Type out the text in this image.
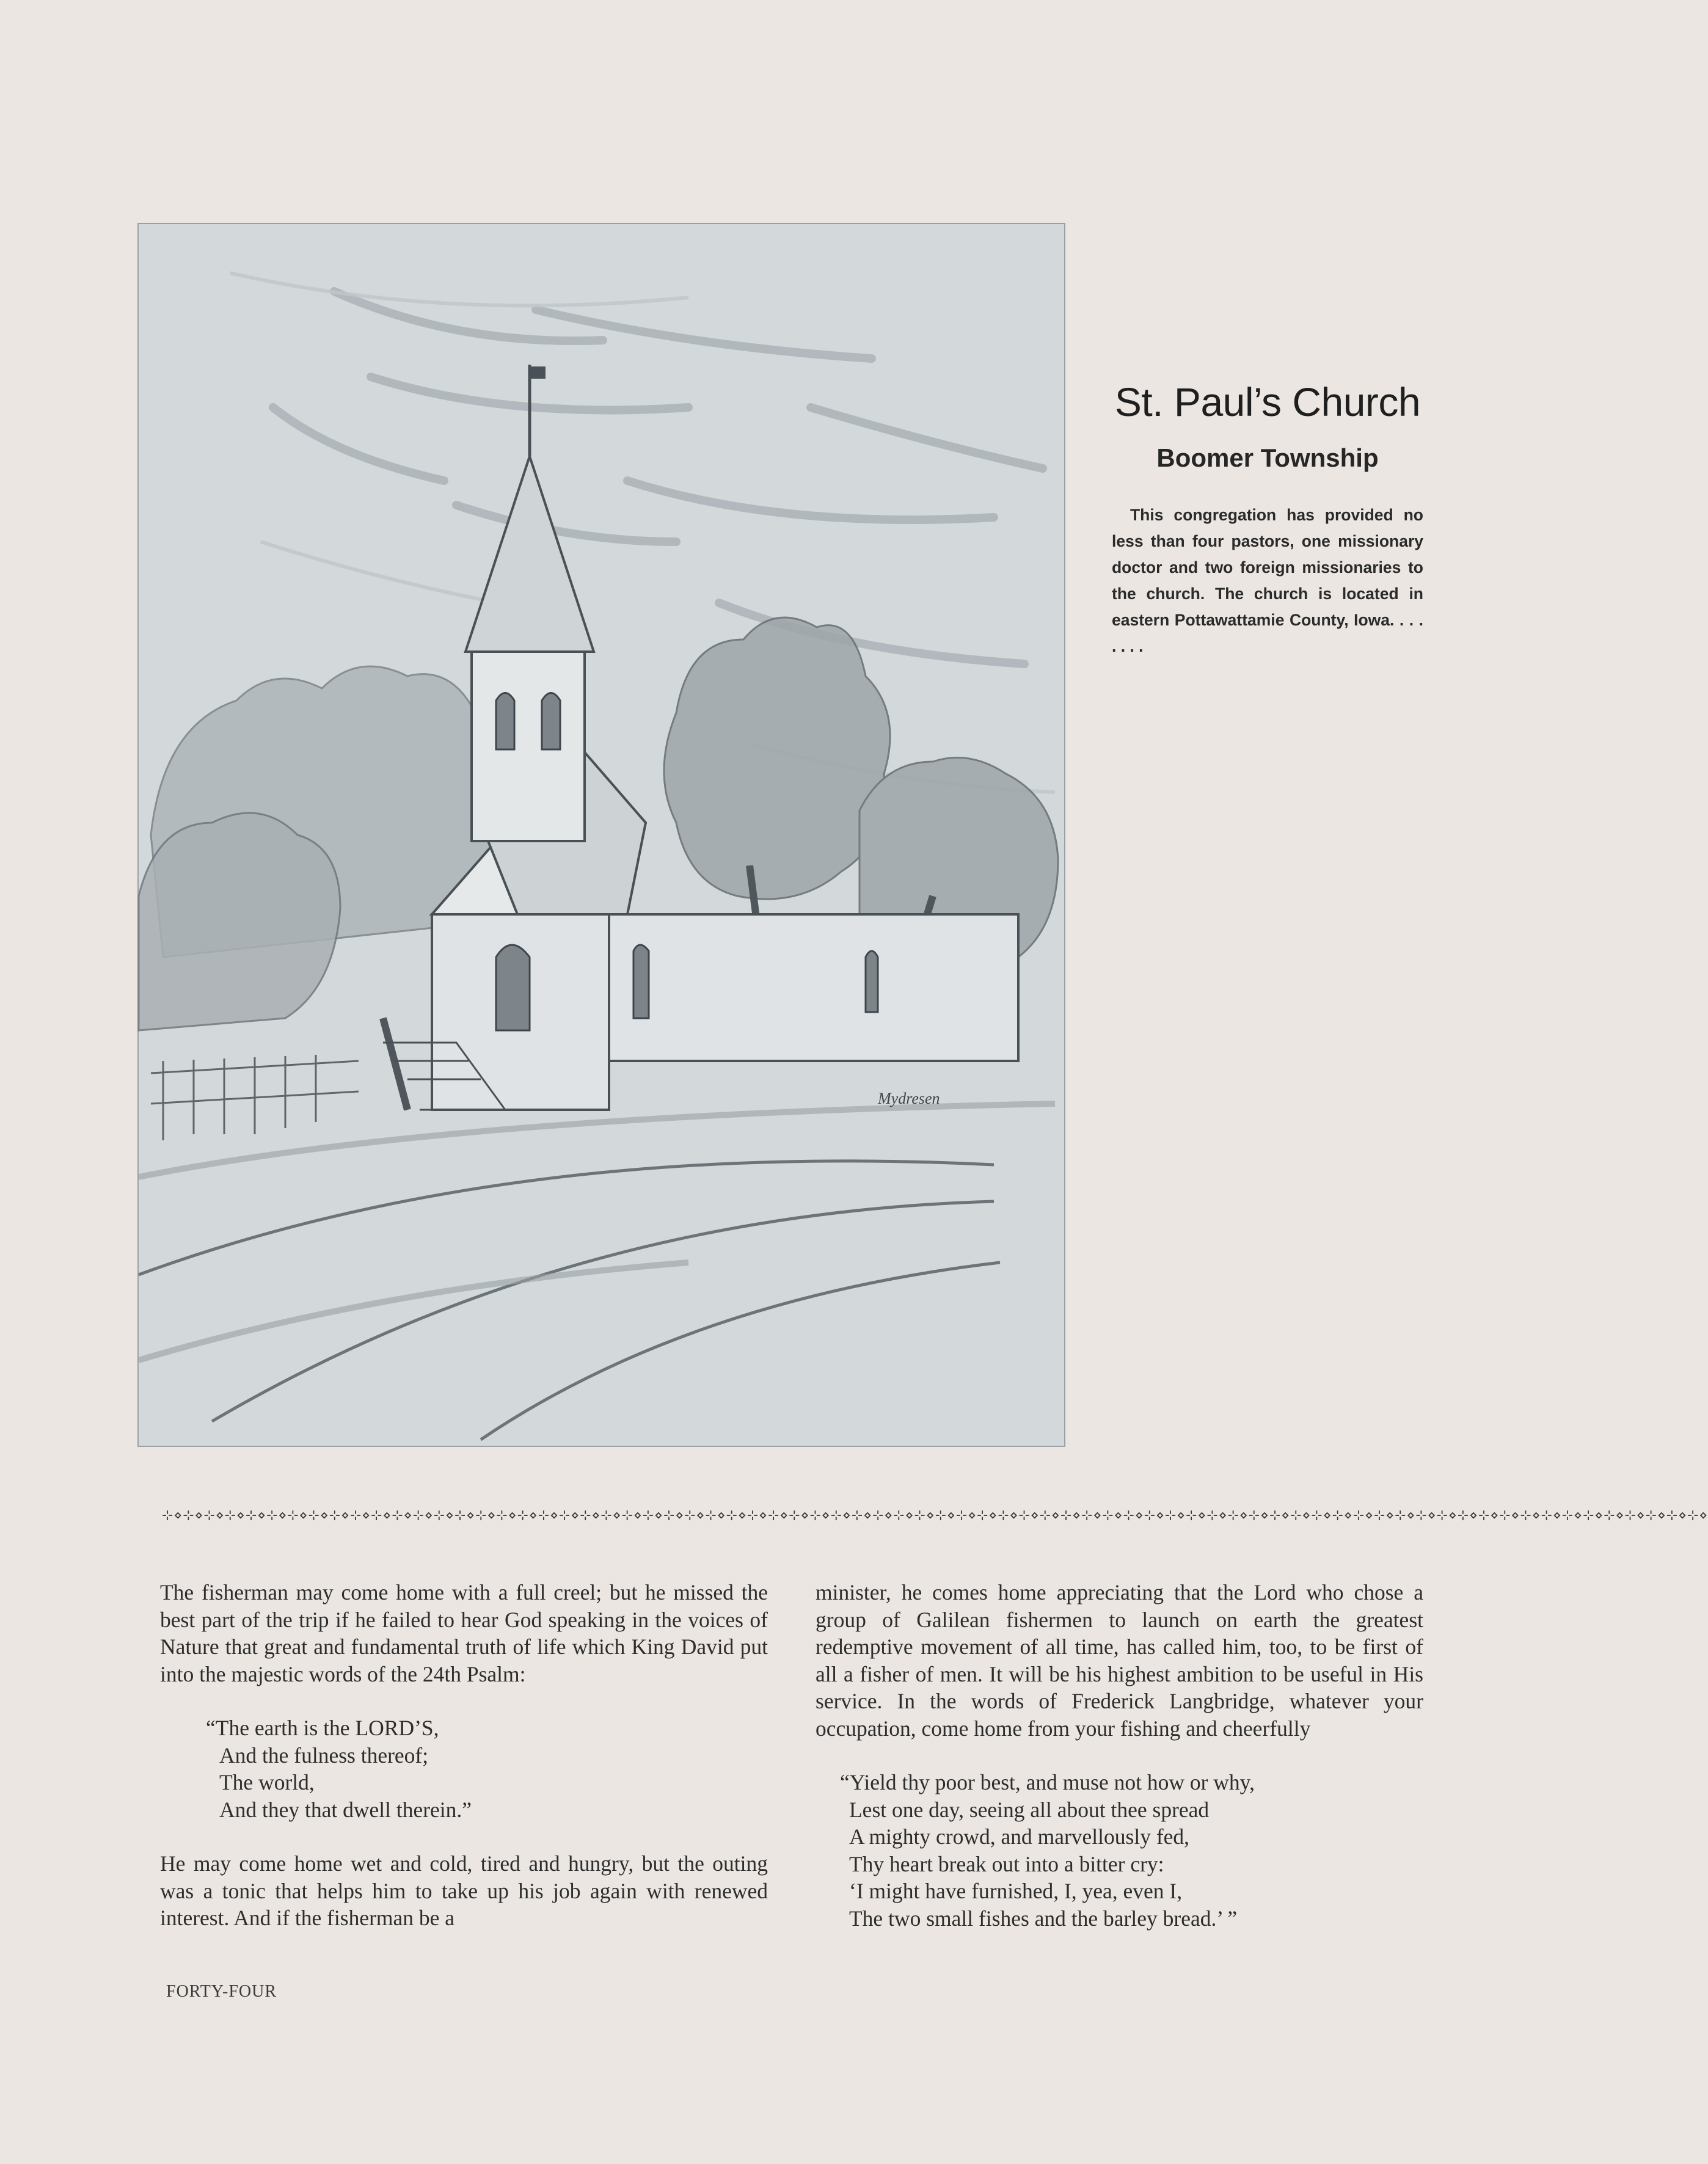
Mydresen
St. Paul’s Church
Boomer Township

This congregation has provided no less than four pastors, one missionary doctor and two foreign missionaries to the church. The church is located in eastern Pottawattamie County, Iowa. . . . . . . .

⊹⋄⊹⋄⊹⋄⊹⋄⊹⋄⊹⋄⊹⋄⊹⋄⊹⋄⊹⋄⊹⋄⊹⋄⊹⋄⊹⋄⊹⋄⊹⋄⊹⋄⊹⋄⊹⋄⊹⋄⊹⋄⊹⋄⊹⋄⊹⋄⊹⋄⊹⋄⊹⋄⊹⋄⊹⋄⊹⋄⊹⋄⊹⋄⊹⋄⊹⋄⊹⋄⊹⋄⊹⋄⊹⋄⊹⋄⊹⋄⊹⋄⊹⋄⊹⋄⊹⋄⊹⋄⊹⋄⊹⋄⊹⋄⊹⋄⊹⋄⊹⋄⊹⋄⊹⋄⊹⋄⊹⋄⊹⋄⊹⋄⊹⋄⊹⋄⊹⋄⊹⋄⊹⋄⊹⋄⊹⋄⊹⋄⊹⋄⊹⋄⊹⋄⊹⋄⊹⋄⊹⋄⊹⋄⊹⋄⊹⋄

The fisherman may come home with a full creel; but he missed the best part of the trip if he failed to hear God speaking in the voices of Nature that great and fundamental truth of life which King David put into the majestic words of the 24th Psalm:

“The earth is the LORD’S,
And the fulness thereof;
The world,
And they that dwell therein.”

He may come home wet and cold, tired and hungry, but the outing was a tonic that helps him to take up his job again with renewed interest. And if the fisherman be a

minister, he comes home appreciating that the Lord who chose a group of Galilean fishermen to launch on earth the greatest redemptive movement of all time, has called him, too, to be first of all a fisher of men. It will be his highest ambition to be useful in His service. In the words of Frederick Langbridge, whatever your occupation, come home from your fishing and cheerfully

“Yield thy poor best, and muse not how or why,
Lest one day, seeing all about thee spread
A mighty crowd, and marvellously fed,
Thy heart break out into a bitter cry:
‘I might have furnished, I, yea, even I,
The two small fishes and the barley bread.’ ”
FORTY-FOUR
